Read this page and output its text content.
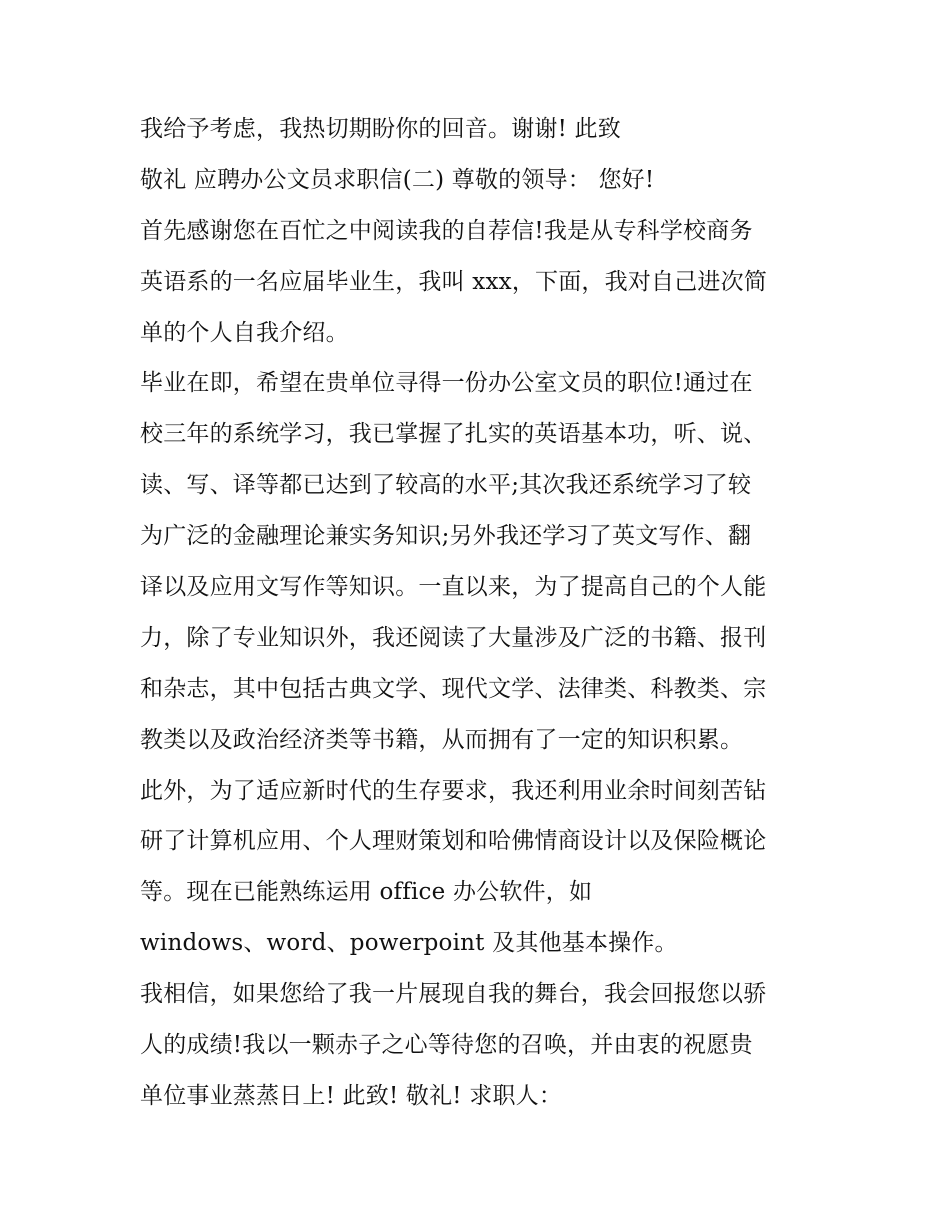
我给予考虑，我热切期盼你的回音。谢谢! 此致
敬礼 应聘办公文员求职信(二) 尊敬的领导： 您好!
首先感谢您在百忙之中阅读我的自荐信!我是从专科学校商务
英语系的一名应届毕业生，我叫 xxx，下面，我对自己进次简
单的个人自我介绍。
毕业在即，希望在贵单位寻得一份办公室文员的职位!通过在
校三年的系统学习，我已掌握了扎实的英语基本功，听、说、
读、写、译等都已达到了较高的水平;其次我还系统学习了较
为广泛的金融理论兼实务知识;另外我还学习了英文写作、翻
译以及应用文写作等知识。一直以来，为了提高自己的个人能
力，除了专业知识外，我还阅读了大量涉及广泛的书籍、报刊
和杂志，其中包括古典文学、现代文学、法律类、科教类、宗
教类以及政治经济类等书籍，从而拥有了一定的知识积累。
此外，为了适应新时代的生存要求，我还利用业余时间刻苦钻
研了计算机应用、个人理财策划和哈佛情商设计以及保险概论
等。现在已能熟练运用 office 办公软件，如
windows、word、powerpoint 及其他基本操作。
我相信，如果您给了我一片展现自我的舞台，我会回报您以骄
人的成绩!我以一颗赤子之心等待您的召唤，并由衷的祝愿贵
单位事业蒸蒸日上! 此致! 敬礼! 求职人：
